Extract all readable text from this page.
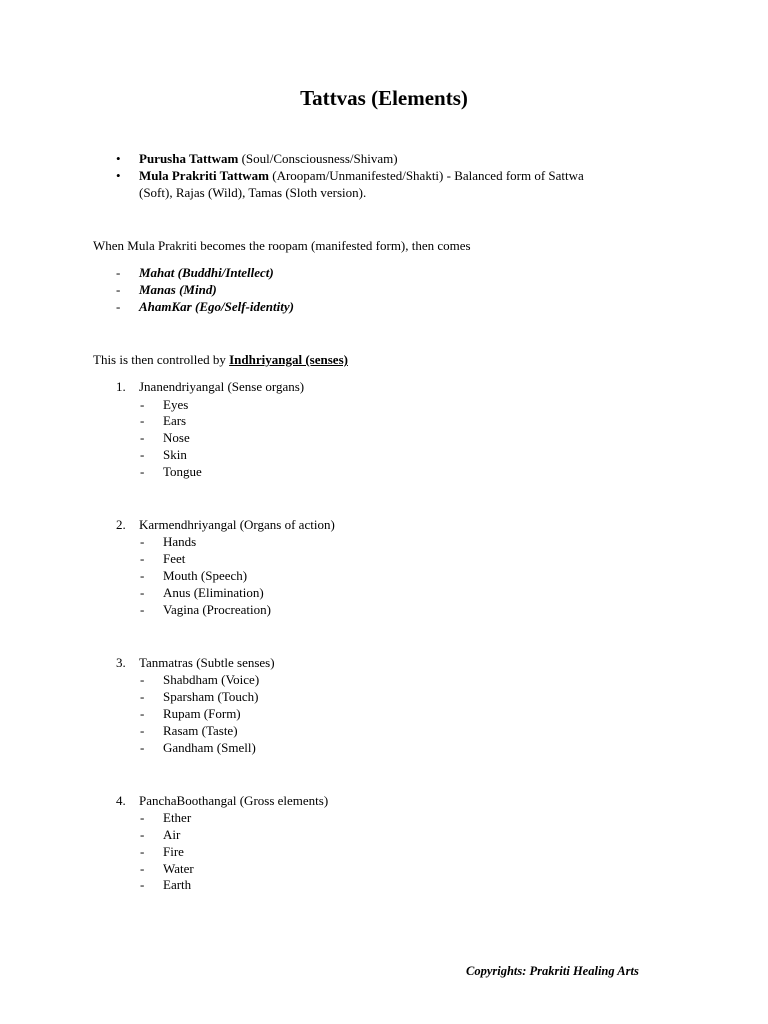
Tattvas (Elements)
• Purusha Tattwam (Soul/Consciousness/Shivam)
• Mula Prakriti Tattwam (Aroopam/Unmanifested/Shakti) - Balanced form of Sattwa
(Soft), Rajas (Wild), Tamas (Sloth version).
When Mula Prakriti becomes the roopam (manifested form), then comes
- Mahat (Buddhi/Intellect)
- Manas (Mind)
- AhamKar (Ego/Self-identity)
This is then controlled by Indhriyangal (senses)
1. Jnanendriyangal (Sense organs)
- Eyes
- Ears
- Nose
- Skin
- Tongue
2. Karmendhriyangal (Organs of action)
- Hands
- Feet
- Mouth (Speech)
- Anus (Elimination)
- Vagina (Procreation)
3. Tanmatras (Subtle senses)
- Shabdham (Voice)
- Sparsham (Touch)
- Rupam (Form)
- Rasam (Taste)
- Gandham (Smell)
4. PanchaBoothangal (Gross elements)
- Ether
- Air
- Fire
- Water
- Earth
Copyrights: Prakriti Healing Arts
